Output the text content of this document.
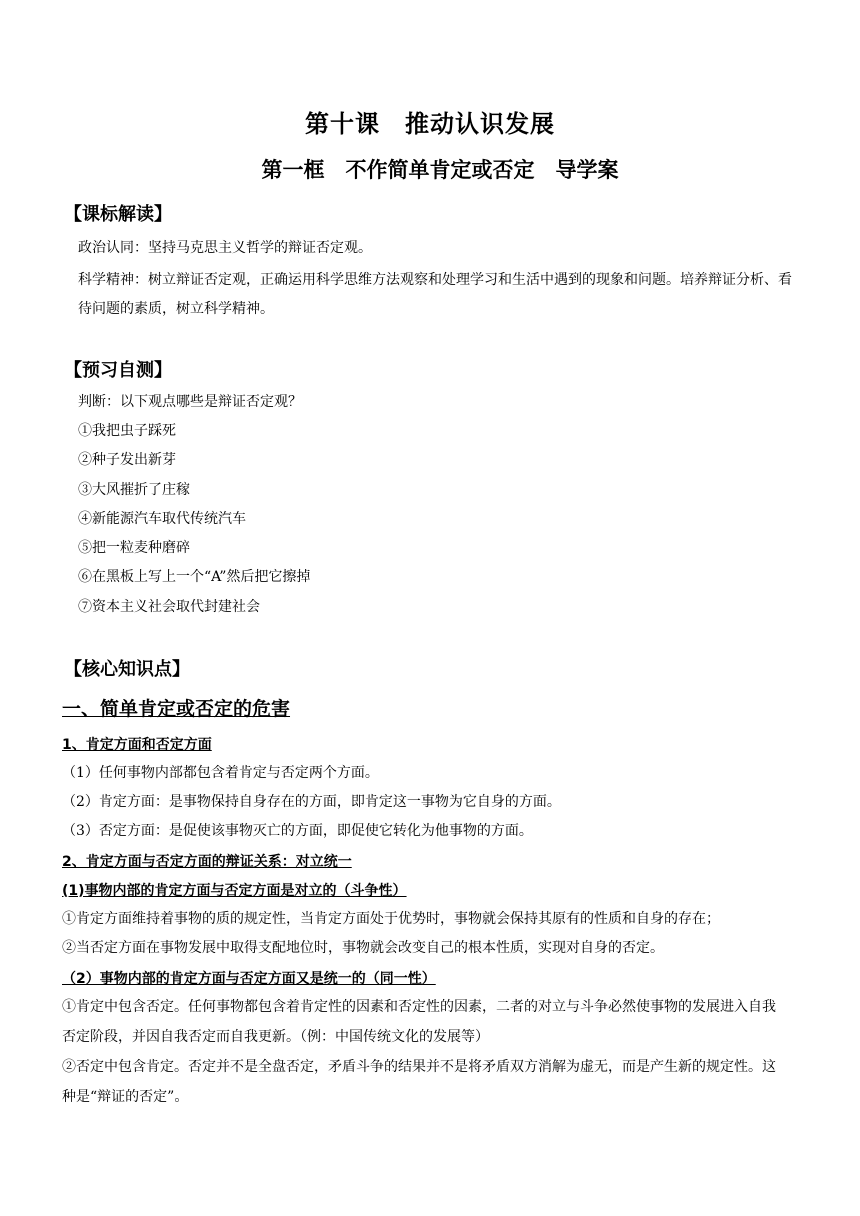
第十课　推动认识发展
第一框　不作简单肯定或否定　导学案
【课标解读】
政治认同：坚持马克思主义哲学的辩证否定观。
科学精神：树立辩证否定观，正确运用科学思维方法观察和处理学习和生活中遇到的现象和问题。培养辩证分析、看待问题的素质，树立科学精神。
【预习自测】
判断：以下观点哪些是辩证否定观？
①我把虫子踩死
②种子发出新芽
③大风摧折了庄稼
④新能源汽车取代传统汽车
⑤把一粒麦种磨碎
⑥在黑板上写上一个“A”然后把它擦掉
⑦资本主义社会取代封建社会
【核心知识点】
一、简单肯定或否定的危害
1、肯定方面和否定方面
（1）任何事物内部都包含着肯定与否定两个方面。
（2）肯定方面：是事物保持自身存在的方面，即肯定这一事物为它自身的方面。
（3）否定方面：是促使该事物灭亡的方面，即促使它转化为他事物的方面。
2、肯定方面与否定方面的辩证关系：对立统一
(1)事物内部的肯定方面与否定方面是对立的（斗争性）
①肯定方面维持着事物的质的规定性，当肯定方面处于优势时，事物就会保持其原有的性质和自身的存在；
②当否定方面在事物发展中取得支配地位时，事物就会改变自己的根本性质，实现对自身的否定。
（2）事物内部的肯定方面与否定方面又是统一的（同一性）
①肯定中包含否定。任何事物都包含着肯定性的因素和否定性的因素，二者的对立与斗争必然使事物的发展进入自我否定阶段，并因自我否定而自我更新。（例：中国传统文化的发展等）
②否定中包含肯定。否定并不是全盘否定，矛盾斗争的结果并不是将矛盾双方消解为虚无，而是产生新的规定性。这种是“辩证的否定”。
